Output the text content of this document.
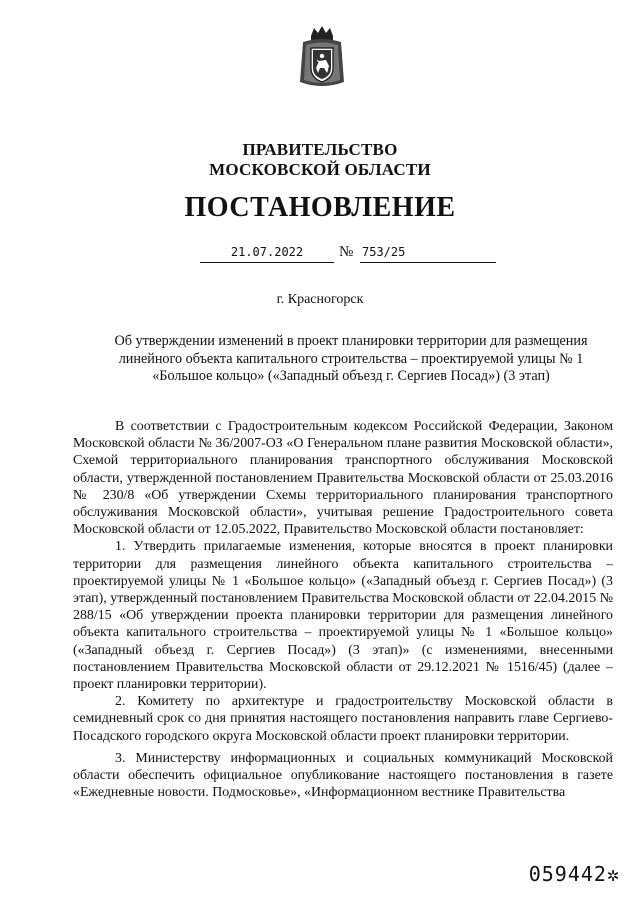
ПРАВИТЕЛЬСТВО
МОСКОВСКОЙ ОБЛАСТИ
ПОСТАНОВЛЕНИЕ
21.07.2022	№ 753/25
г. Красногорск
Об утверждении изменений в проект планировки территории для размещения линейного объекта капитального строительства – проектируемой улицы № 1 «Большое кольцо» («Западный объезд г. Сергиев Посад») (3 этап)

В соответствии с Градостроительным кодексом Российской Федерации, Законом Московской области № 36/2007-ОЗ «О Генеральном плане развития Московской области», Схемой территориального планирования транспортного обслуживания Московской области, утвержденной постановлением Правительства Московской области от 25.03.2016 № 230/8 «Об утверждении Схемы территориального планирования транспортного обслуживания Московской области», учитывая решение Градостроительного совета Московской области от 12.05.2022, Правительство Московской области постановляет:

1. Утвердить прилагаемые изменения, которые вносятся в проект планировки территории для размещения линейного объекта капитального строительства – проектируемой улицы № 1 «Большое кольцо» («Западный объезд г. Сергиев Посад») (3 этап), утвержденный постановлением Правительства Московской области от 22.04.2015 № 288/15 «Об утверждении проекта планировки территории для размещения линейного объекта капитального строительства – проектируемой улицы № 1 «Большое кольцо» («Западный объезд г. Сергиев Посад») (3 этап)» (с изменениями, внесенными постановлением Правительства Московской области от 29.12.2021 № 1516/45) (далее – проект планировки территории).

2. Комитету по архитектуре и градостроительству Московской области в семидневный срок со дня принятия настоящего постановления направить главе Сергиево-Посадского городского округа Московской области проект планировки территории.

3. Министерству информационных и социальных коммуникаций Московской области обеспечить официальное опубликование настоящего постановления в газете «Ежедневные новости. Подмосковье», «Информационном вестнике Правительства

059442✲
